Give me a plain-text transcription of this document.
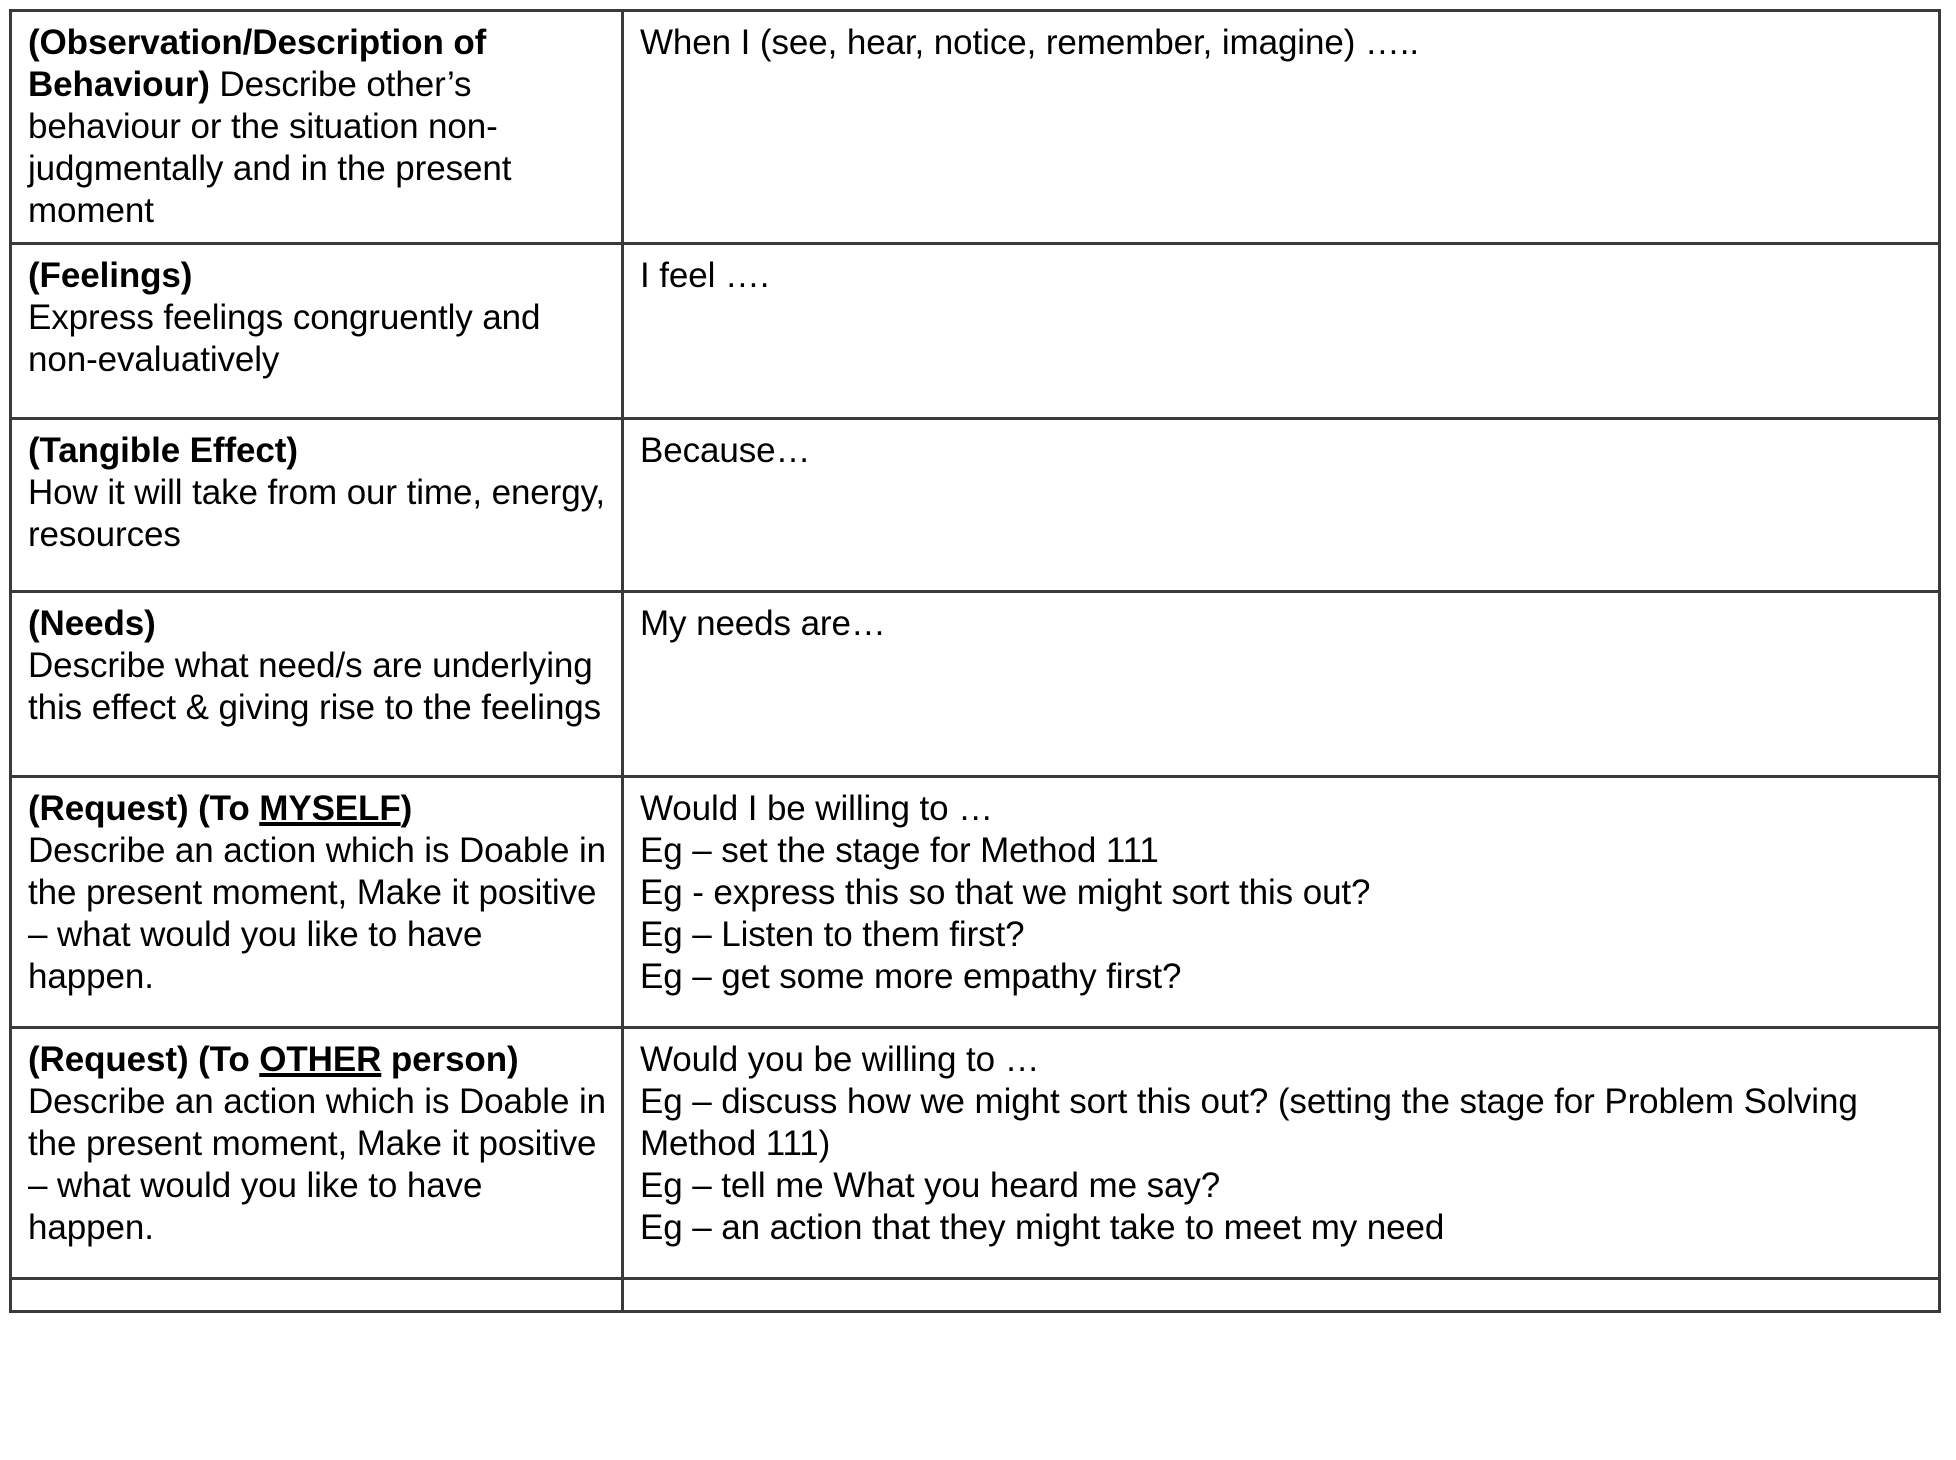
(Observation/Description of Behaviour) Describe other’s behaviour or the situation non-judgmentally and in the present moment	When I (see, hear, notice, remember, imagine) …..

(Feelings)
Express feelings congruently and non-evaluatively	I feel ….

(Tangible Effect)
How it will take from our time, energy, resources	Because…

(Needs)
Describe what need/s are underlying this effect & giving rise to the feelings	My needs are…

(Request) (To MYSELF)
Describe an action which is Doable in the present moment, Make it positive – what would you like to have happen.	Would I be willing to …
Eg – set the stage for Method 111
Eg - express this so that we might sort this out?
Eg – Listen to them first?
Eg – get some more empathy first?

(Request) (To OTHER person)
Describe an action which is Doable in the present moment, Make it positive – what would you like to have happen.	Would you be willing to …
Eg – discuss how we might sort this out? (setting the stage for Problem Solving Method 111)
Eg – tell me What you heard me say?
Eg – an action that they might take to meet my need
